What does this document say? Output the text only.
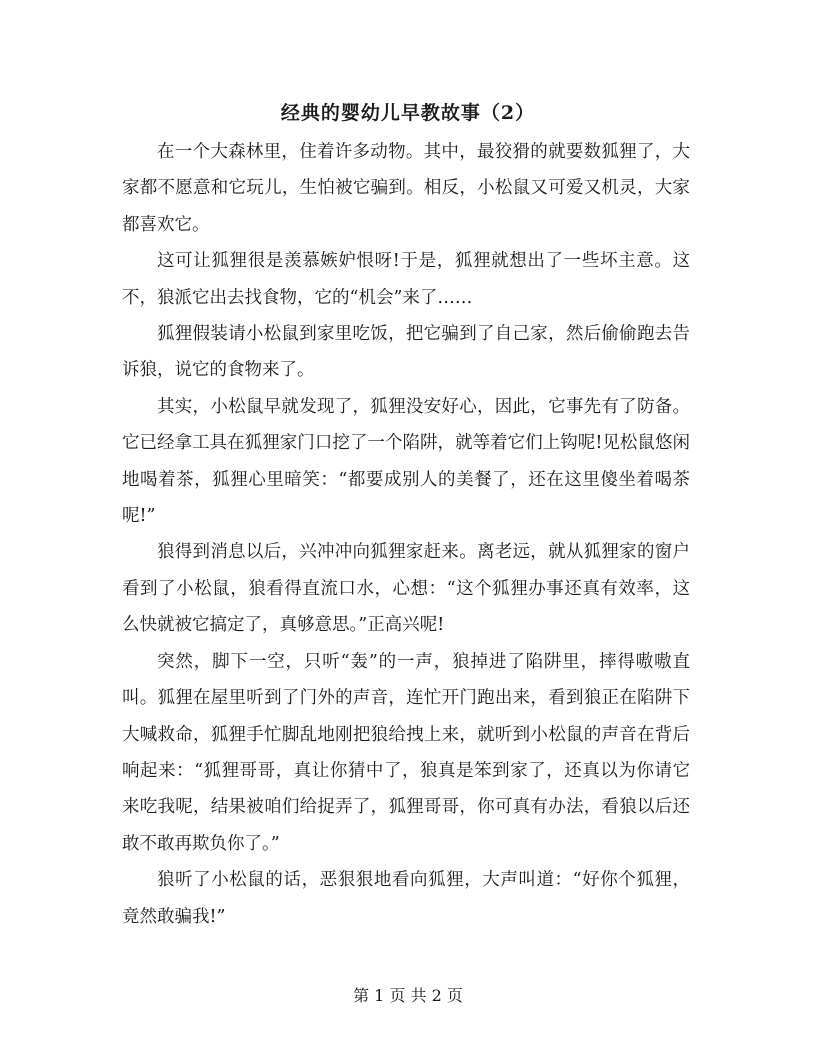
经典的婴幼儿早教故事（2）

在一个大森林里，住着许多动物。其中，最狡猾的就要数狐狸了，大家都不愿意和它玩儿，生怕被它骗到。相反，小松鼠又可爱又机灵，大家都喜欢它。

这可让狐狸很是羡慕嫉妒恨呀!于是，狐狸就想出了一些坏主意。这不，狼派它出去找食物，它的“机会”来了……

狐狸假装请小松鼠到家里吃饭，把它骗到了自己家，然后偷偷跑去告诉狼，说它的食物来了。

其实，小松鼠早就发现了，狐狸没安好心，因此，它事先有了防备。它已经拿工具在狐狸家门口挖了一个陷阱，就等着它们上钩呢!见松鼠悠闲地喝着茶，狐狸心里暗笑：“都要成别人的美餐了，还在这里傻坐着喝茶呢!”

狼得到消息以后，兴冲冲向狐狸家赶来。离老远，就从狐狸家的窗户看到了小松鼠，狼看得直流口水，心想：“这个狐狸办事还真有效率，这么快就被它搞定了，真够意思。”正高兴呢!

突然，脚下一空，只听“轰”的一声，狼掉进了陷阱里，摔得嗷嗷直叫。狐狸在屋里听到了门外的声音，连忙开门跑出来，看到狼正在陷阱下大喊救命，狐狸手忙脚乱地刚把狼给拽上来，就听到小松鼠的声音在背后响起来：“狐狸哥哥，真让你猜中了，狼真是笨到家了，还真以为你请它来吃我呢，结果被咱们给捉弄了，狐狸哥哥，你可真有办法，看狼以后还敢不敢再欺负你了。”

狼听了小松鼠的话，恶狠狠地看向狐狸，大声叫道：“好你个狐狸，竟然敢骗我!”

第 1 页 共 2 页
